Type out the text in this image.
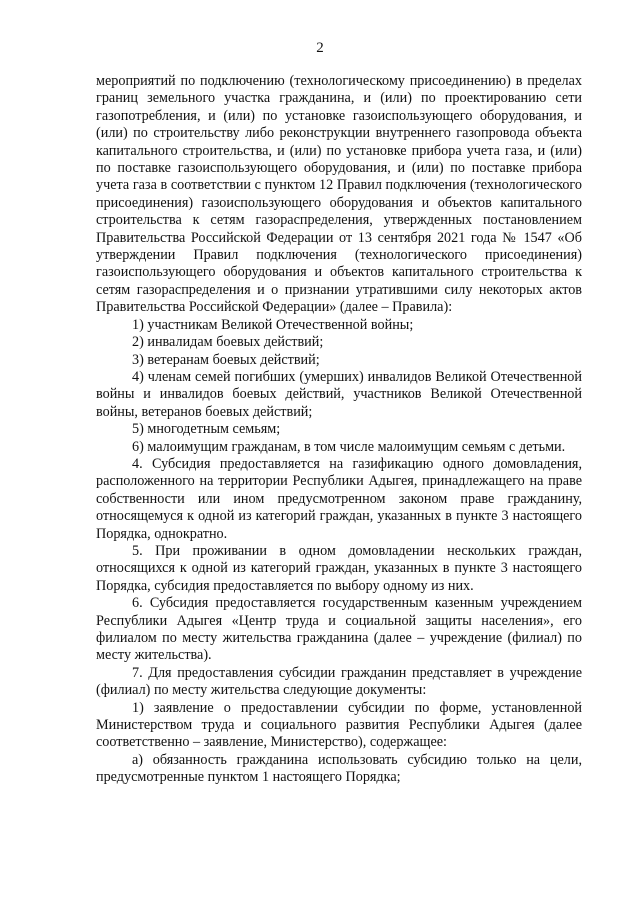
2

мероприятий по подключению (технологическому присоединению) в пределах границ земельного участка гражданина, и (или) по проектированию сети газопотребления, и (или) по установке газоиспользующего оборудования, и (или) по строительству либо реконструкции внутреннего газопровода объекта капитального строительства, и (или) по установке прибора учета газа, и (или) по поставке газоиспользующего оборудования, и (или) по поставке прибора учета газа в соответствии с пунктом 12 Правил подключения (технологического присоединения) газоиспользующего оборудования и объектов капитального строительства к сетям газораспределения, утвержденных постановлением Правительства Российской Федерации от 13 сентября 2021 года № 1547 «Об утверждении Правил подключения (технологического присоединения) газоиспользующего оборудования и объектов капитального строительства к сетям газораспределения и о признании утратившими силу некоторых актов Правительства Российской Федерации» (далее – Правила):

1) участникам Великой Отечественной войны;

2) инвалидам боевых действий;

3) ветеранам боевых действий;

4) членам семей погибших (умерших) инвалидов Великой Отечественной войны и инвалидов боевых действий, участников Великой Отечественной войны, ветеранов боевых действий;

5) многодетным семьям;

6) малоимущим гражданам, в том числе малоимущим семьям с детьми.

4. Субсидия предоставляется на газификацию одного домовладения, расположенного на территории Республики Адыгея, принадлежащего на праве собственности или ином предусмотренном законом праве гражданину, относящемуся к одной из категорий граждан, указанных в пункте 3 настоящего Порядка, однократно.

5. При проживании в одном домовладении нескольких граждан, относящихся к одной из категорий граждан, указанных в пункте 3 настоящего Порядка, субсидия предоставляется по выбору одному из них.

6. Субсидия предоставляется государственным казенным учреждением Республики Адыгея «Центр труда и социальной защиты населения», его филиалом по месту жительства гражданина (далее – учреждение (филиал) по месту жительства).

7. Для предоставления субсидии гражданин представляет в учреждение (филиал) по месту жительства следующие документы:

1) заявление о предоставлении субсидии по форме, установленной Министерством труда и социального развития Республики Адыгея (далее соответственно – заявление, Министерство), содержащее:

а) обязанность гражданина использовать субсидию только на цели, предусмотренные пунктом 1 настоящего Порядка;
